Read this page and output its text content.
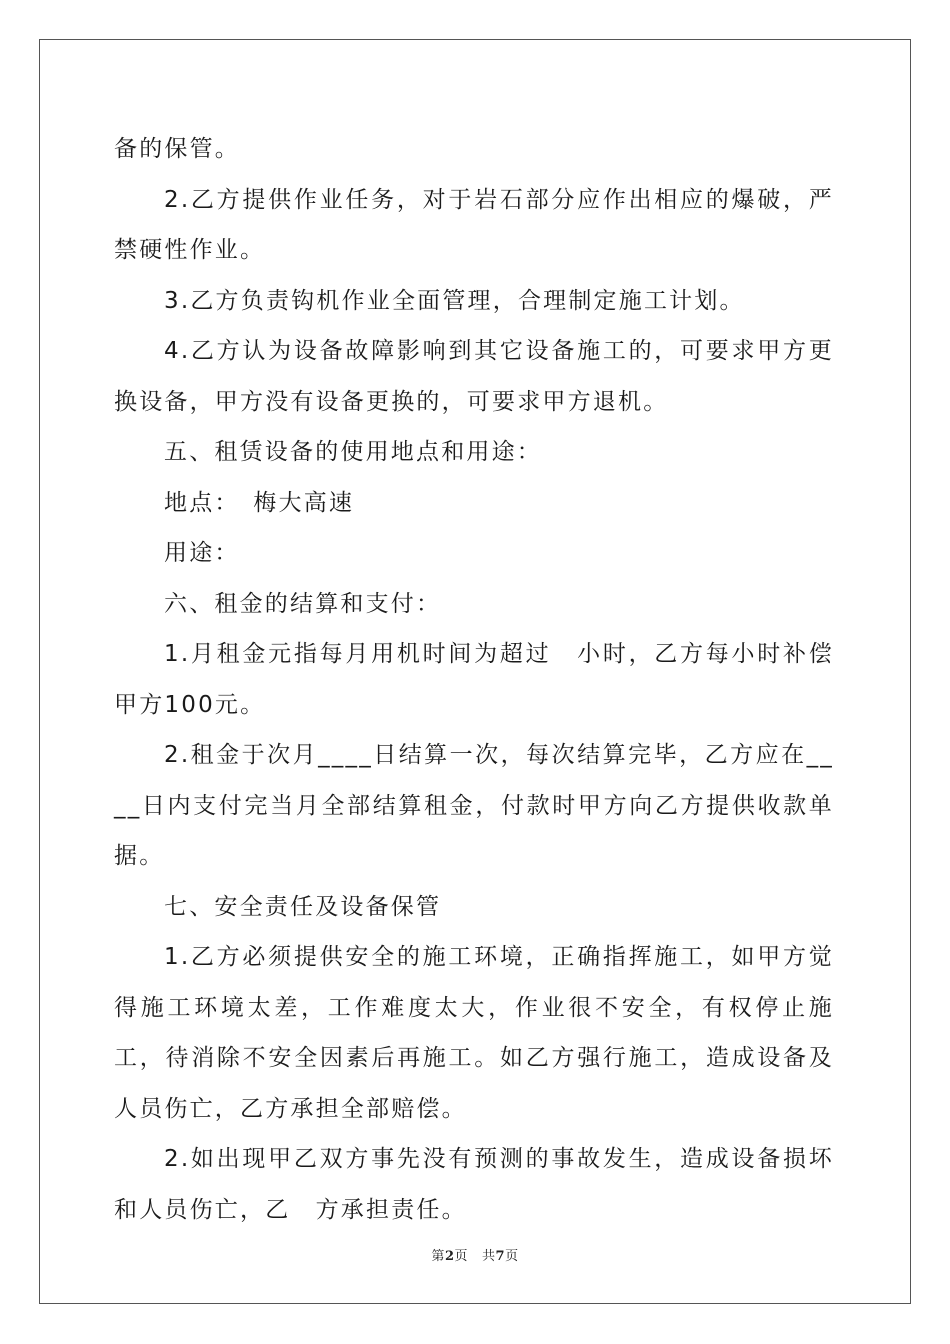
备的保管。

2.乙方提供作业任务，对于岩石部分应作出相应的爆破，严禁硬性作业。

3.乙方负责钩机作业全面管理，合理制定施工计划。

4.乙方认为设备故障影响到其它设备施工的，可要求甲方更换设备，甲方没有设备更换的，可要求甲方退机。

五、租赁设备的使用地点和用途：

地点：　梅大高速

用途：

六、租金的结算和支付：

1.月租金元指每月用机时间为超过　小时，乙方每小时补偿甲方100元。

2.租金于次月____日结算一次，每次结算完毕，乙方应在____日内支付完当月全部结算租金，付款时甲方向乙方提供收款单据。

七、安全责任及设备保管

1.乙方必须提供安全的施工环境，正确指挥施工，如甲方觉得施工环境太差，工作难度太大，作业很不安全，有权停止施工，待消除不安全因素后再施工。如乙方强行施工，造成设备及人员伤亡，乙方承担全部赔偿。

2.如出现甲乙双方事先没有预测的事故发生，造成设备损坏和人员伤亡，乙　方承担责任。

第2页 共7页
